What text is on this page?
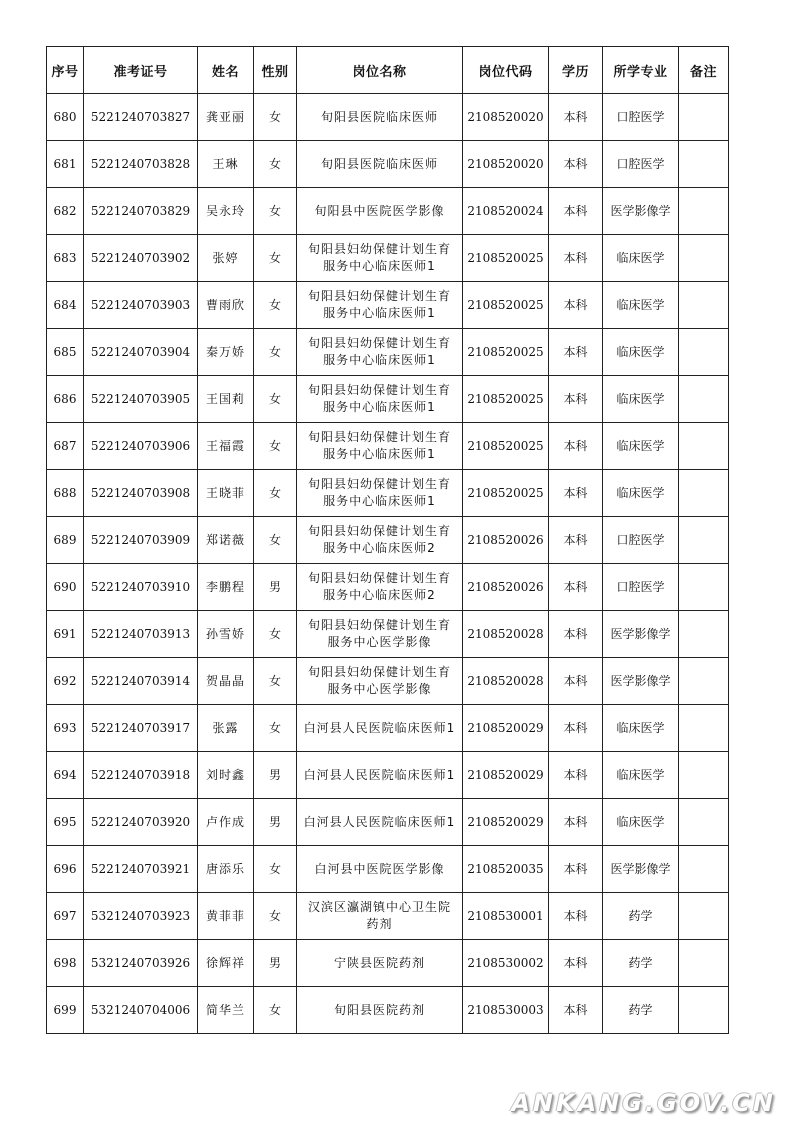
序号	准考证号	姓名	性别	岗位名称	岗位代码	学历	所学专业	备注
680	5221240703827	龚亚丽	女	旬阳县医院临床医师	2108520020	本科	口腔医学	
681	5221240703828	王琳	女	旬阳县医院临床医师	2108520020	本科	口腔医学	
682	5221240703829	吴永玲	女	旬阳县中医院医学影像	2108520024	本科	医学影像学	
683	5221240703902	张婷	女	旬阳县妇幼保健计划生育
服务中心临床医师1	2108520025	本科	临床医学	
684	5221240703903	曹雨欣	女	旬阳县妇幼保健计划生育
服务中心临床医师1	2108520025	本科	临床医学	
685	5221240703904	秦万娇	女	旬阳县妇幼保健计划生育
服务中心临床医师1	2108520025	本科	临床医学	
686	5221240703905	王国莉	女	旬阳县妇幼保健计划生育
服务中心临床医师1	2108520025	本科	临床医学	
687	5221240703906	王福霞	女	旬阳县妇幼保健计划生育
服务中心临床医师1	2108520025	本科	临床医学	
688	5221240703908	王晓菲	女	旬阳县妇幼保健计划生育
服务中心临床医师1	2108520025	本科	临床医学	
689	5221240703909	郑诺薇	女	旬阳县妇幼保健计划生育
服务中心临床医师2	2108520026	本科	口腔医学	
690	5221240703910	李鹏程	男	旬阳县妇幼保健计划生育
服务中心临床医师2	2108520026	本科	口腔医学	
691	5221240703913	孙雪娇	女	旬阳县妇幼保健计划生育
服务中心医学影像	2108520028	本科	医学影像学	
692	5221240703914	贺晶晶	女	旬阳县妇幼保健计划生育
服务中心医学影像	2108520028	本科	医学影像学	
693	5221240703917	张露	女	白河县人民医院临床医师1	2108520029	本科	临床医学	
694	5221240703918	刘时鑫	男	白河县人民医院临床医师1	2108520029	本科	临床医学	
695	5221240703920	卢作成	男	白河县人民医院临床医师1	2108520029	本科	临床医学	
696	5221240703921	唐添乐	女	白河县中医院医学影像	2108520035	本科	医学影像学	
697	5321240703923	黄菲菲	女	汉滨区瀛湖镇中心卫生院
药剂	2108530001	本科	药学	
698	5321240703926	徐辉祥	男	宁陕县医院药剂	2108530002	本科	药学	
699	5321240704006	简华兰	女	旬阳县医院药剂	2108530003	本科	药学	
ANKANG.GOV.CN
